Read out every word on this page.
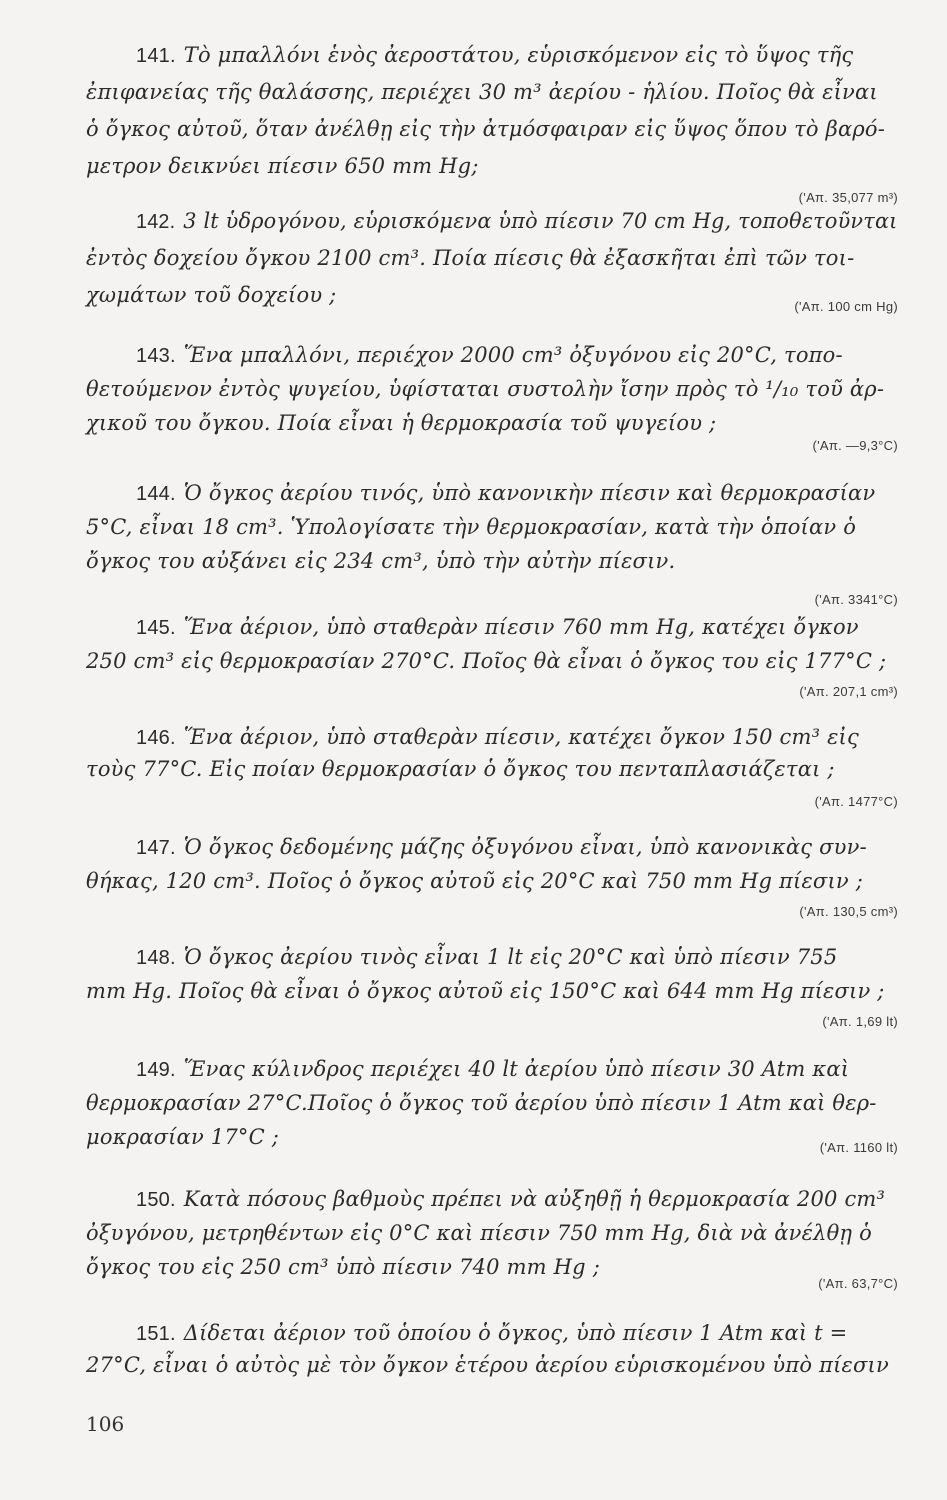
141. Τὸ μπαλλόνι ἑνὸς ἀεροστάτου, εὑρισκόμενον εἰς τὸ ὕψος τῆς
ἐπιφανείας τῆς θαλάσσης, περιέχει 30 m³ ἀερίου - ἡλίου. Ποῖος θὰ εἶναι
ὁ ὄγκος αὐτοῦ, ὅταν ἀνέλθῃ εἰς τὴν ἀτμόσφαιραν εἰς ὕψος ὅπου τὸ βαρό-
μετρον δεικνύει πίεσιν 650 mm Hg;
('Απ. 35,077 m³)
142. 3 lt ὑδρογόνου, εὑρισκόμενα ὑπὸ πίεσιν 70 cm Hg, τοποθετοῦνται
ἐντὸς δοχείου ὄγκου 2100 cm³. Ποία πίεσις θὰ ἐξασκῆται ἐπὶ τῶν τοι-
χωμάτων τοῦ δοχείου ;	('Απ. 100 cm Hg)
143. Ἕνα μπαλλόνι, περιέχον 2000 cm³ ὀξυγόνου εἰς 20°C, τοπο-
θετούμενον ἐντὸς ψυγείου, ὑφίσταται συστολὴν ἴσην πρὸς τὸ ¹/₁₀ τοῦ ἀρ-
χικοῦ του ὄγκου. Ποία εἶναι ἡ θερμοκρασία τοῦ ψυγείου ;
('Απ. —9,3°C)
144. Ὁ ὄγκος ἀερίου τινός, ὑπὸ κανονικὴν πίεσιν καὶ θερμοκρασίαν
5°C, εἶναι 18 cm³. Ὑπολογίσατε τὴν θερμοκρασίαν, κατὰ τὴν ὁποίαν ὁ
ὄγκος του αὐξάνει εἰς 234 cm³, ὑπὸ τὴν αὐτὴν πίεσιν.
('Απ. 3341°C)
145. Ἕνα ἀέριον, ὑπὸ σταθερὰν πίεσιν 760 mm Hg, κατέχει ὄγκον
250 cm³ εἰς θερμοκρασίαν 270°C. Ποῖος θὰ εἶναι ὁ ὄγκος του εἰς 177°C ;
('Απ. 207,1 cm³)
146. Ἕνα ἀέριον, ὑπὸ σταθερὰν πίεσιν, κατέχει ὄγκον 150 cm³ εἰς
τοὺς 77°C. Εἰς ποίαν θερμοκρασίαν ὁ ὄγκος του πενταπλασιάζεται ;
('Απ. 1477°C)
147. Ὁ ὄγκος δεδομένης μάζης ὀξυγόνου εἶναι, ὑπὸ κανονικὰς συν-
θήκας, 120 cm³. Ποῖος ὁ ὄγκος αὐτοῦ εἰς 20°C καὶ 750 mm Hg πίεσιν ;
('Απ. 130,5 cm³)
148. Ὁ ὄγκος ἀερίου τινὸς εἶναι 1 lt εἰς 20°C καὶ ὑπὸ πίεσιν 755
mm Hg. Ποῖος θὰ εἶναι ὁ ὄγκος αὐτοῦ εἰς 150°C καὶ 644 mm Hg πίεσιν ;
('Απ. 1,69 lt)
149. Ἕνας κύλινδρος περιέχει 40 lt ἀερίου ὑπὸ πίεσιν 30 Atm καὶ
θερμοκρασίαν 27°C.Ποῖος ὁ ὄγκος τοῦ ἀερίου ὑπὸ πίεσιν 1 Atm καὶ θερ-
μοκρασίαν 17°C ;	('Απ. 1160 lt)
150. Κατὰ πόσους βαθμοὺς πρέπει νὰ αὐξηθῇ ἡ θερμοκρασία 200 cm³
ὀξυγόνου, μετρηθέντων εἰς 0°C καὶ πίεσιν 750 mm Hg, διὰ νὰ ἀνέλθῃ ὁ
ὄγκος του εἰς 250 cm³ ὑπὸ πίεσιν 740 mm Hg ;
('Απ. 63,7°C)
151. Δίδεται ἀέριον τοῦ ὁποίου ὁ ὄγκος, ὑπὸ πίεσιν 1 Atm καὶ t =
27°C, εἶναι ὁ αὐτὸς μὲ τὸν ὄγκον ἑτέρου ἀερίου εὑρισκομένου ὑπὸ πίεσιν
106
